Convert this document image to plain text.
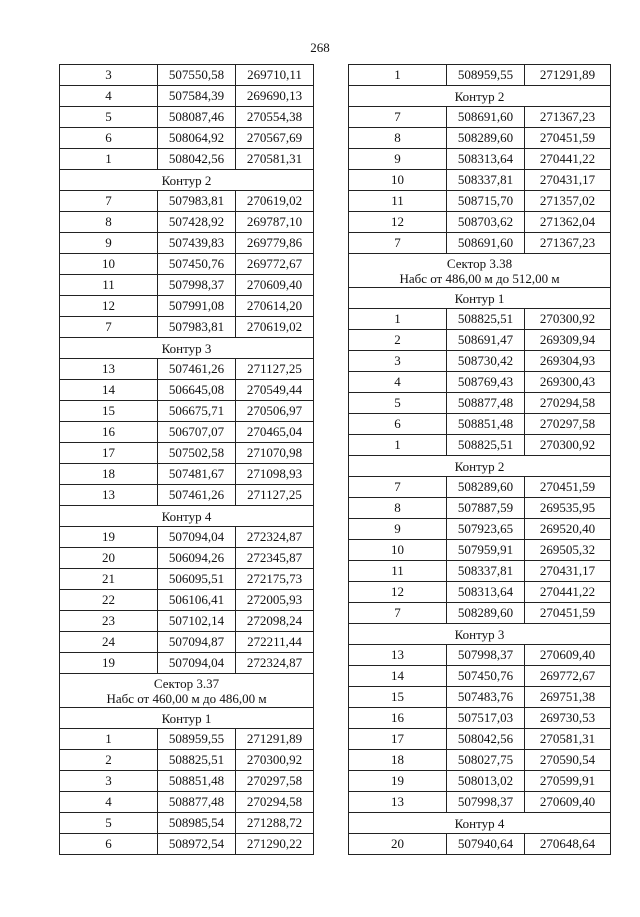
268
3	507550,58	269710,11
4	507584,39	269690,13
5	508087,46	270554,38
6	508064,92	270567,69
1	508042,56	270581,31

Контур 2		

7	507983,81	270619,02
8	507428,92	269787,10
9	507439,83	269779,86
10	507450,76	269772,67
11	507998,37	270609,40
12	507991,08	270614,20
7	507983,81	270619,02

Контур 3		

13	507461,26	271127,25
14	506645,08	270549,44
15	506675,71	270506,97
16	506707,07	270465,04
17	507502,58	271070,98
18	507481,67	271098,93
13	507461,26	271127,25

Контур 4		

19	507094,04	272324,87
20	506094,26	272345,87
21	506095,51	272175,73
22	506106,41	272005,93
23	507102,14	272098,24
24	507094,87	272211,44
19	507094,04	272324,87

Сектор 3.37
Набс от 460,00 м до 486,00 м		

Контур 1		

1	508959,55	271291,89
2	508825,51	270300,92
3	508851,48	270297,58
4	508877,48	270294,58
5	508985,54	271288,72
6	508972,54	271290,22
1	508959,55	271291,89

Контур 2		

7	508691,60	271367,23
8	508289,60	270451,59
9	508313,64	270441,22
10	508337,81	270431,17
11	508715,70	271357,02
12	508703,62	271362,04
7	508691,60	271367,23

Сектор 3.38
Набс от 486,00 м до 512,00 м		

Контур 1		

1	508825,51	270300,92
2	508691,47	269309,94
3	508730,42	269304,93
4	508769,43	269300,43
5	508877,48	270294,58
6	508851,48	270297,58
1	508825,51	270300,92

Контур 2		

7	508289,60	270451,59
8	507887,59	269535,95
9	507923,65	269520,40
10	507959,91	269505,32
11	508337,81	270431,17
12	508313,64	270441,22
7	508289,60	270451,59

Контур 3		

13	507998,37	270609,40
14	507450,76	269772,67
15	507483,76	269751,38
16	507517,03	269730,53
17	508042,56	270581,31
18	508027,75	270590,54
19	508013,02	270599,91
13	507998,37	270609,40

Контур 4		

20	507940,64	270648,64
